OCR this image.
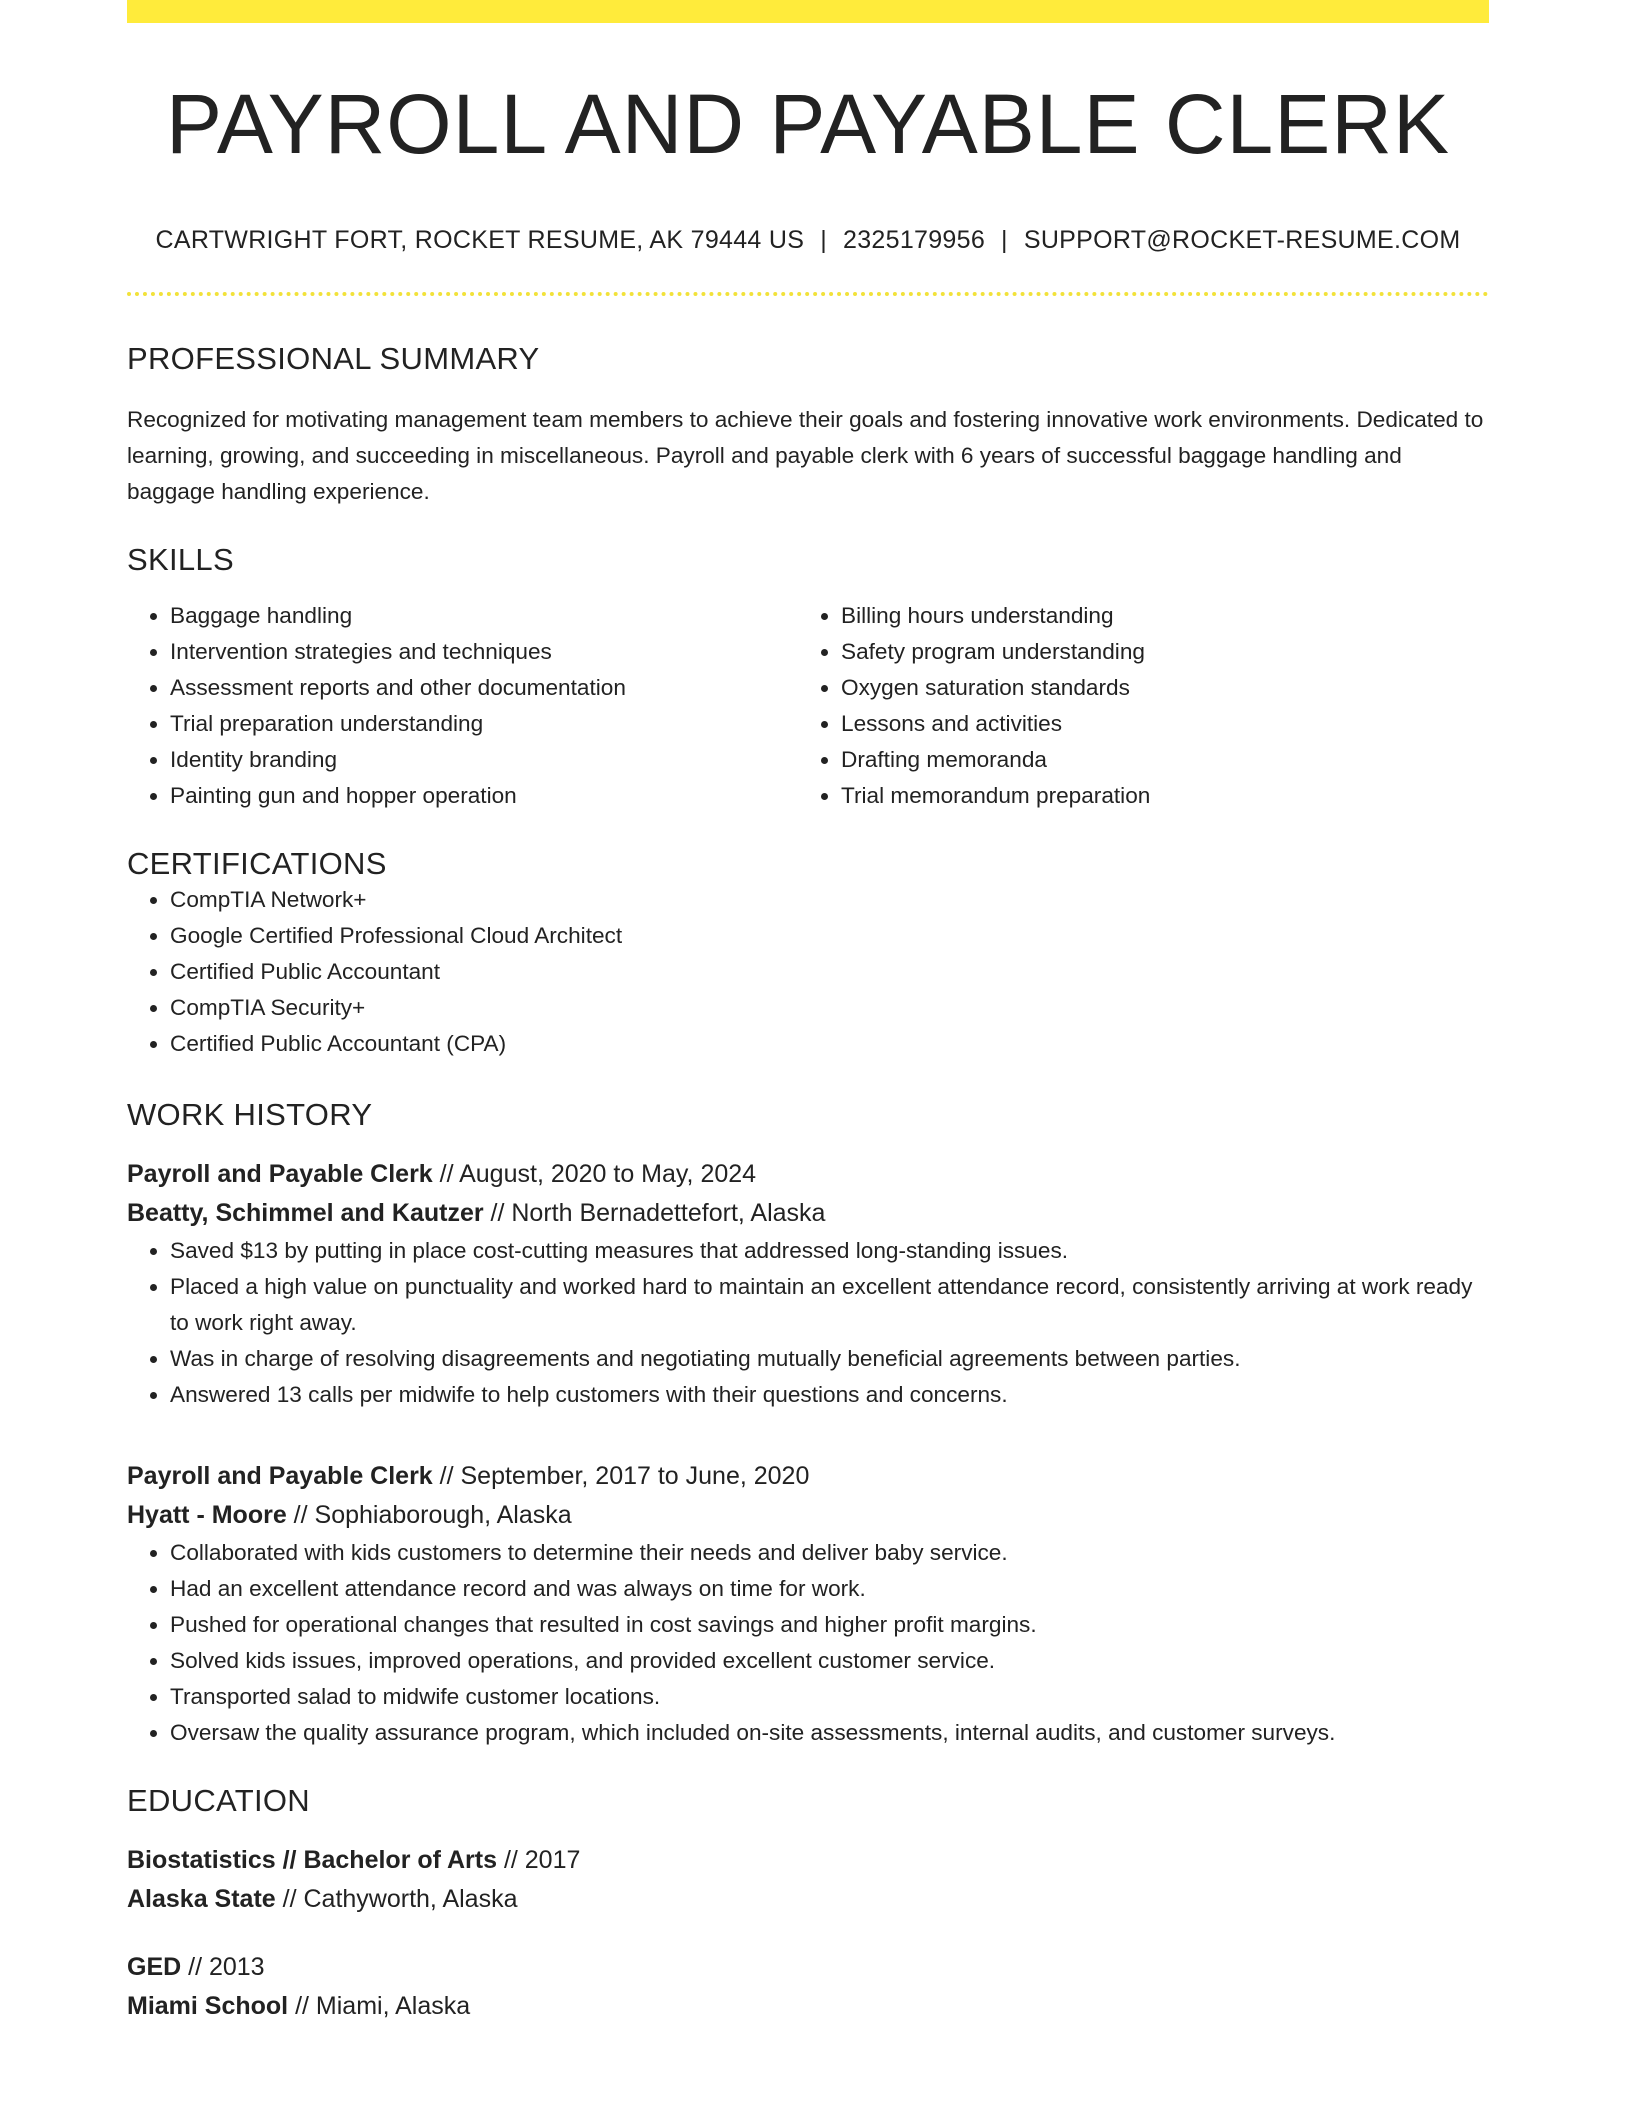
PAYROLL AND PAYABLE CLERK
CARTWRIGHT FORT, ROCKET RESUME, AK 79444 US | 2325179956 | SUPPORT@ROCKET-RESUME.COM
PROFESSIONAL SUMMARY
Recognized for motivating management team members to achieve their goals and fostering innovative work environments. Dedicated to learning, growing, and succeeding in miscellaneous. Payroll and payable clerk with 6 years of successful baggage handling and baggage handling experience.
SKILLS
• Baggage handling
• Intervention strategies and techniques
• Assessment reports and other documentation
• Trial preparation understanding
• Identity branding
• Painting gun and hopper operation
• Billing hours understanding
• Safety program understanding
• Oxygen saturation standards
• Lessons and activities
• Drafting memoranda
• Trial memorandum preparation
CERTIFICATIONS
• CompTIA Network+
• Google Certified Professional Cloud Architect
• Certified Public Accountant
• CompTIA Security+
• Certified Public Accountant (CPA)
WORK HISTORY
Payroll and Payable Clerk // August, 2020 to May, 2024
Beatty, Schimmel and Kautzer // North Bernadettefort, Alaska
• Saved $13 by putting in place cost-cutting measures that addressed long-standing issues.
• Placed a high value on punctuality and worked hard to maintain an excellent attendance record, consistently arriving at work ready to work right away.
• Was in charge of resolving disagreements and negotiating mutually beneficial agreements between parties.
• Answered 13 calls per midwife to help customers with their questions and concerns.
Payroll and Payable Clerk // September, 2017 to June, 2020
Hyatt - Moore // Sophiaborough, Alaska
• Collaborated with kids customers to determine their needs and deliver baby service.
• Had an excellent attendance record and was always on time for work.
• Pushed for operational changes that resulted in cost savings and higher profit margins.
• Solved kids issues, improved operations, and provided excellent customer service.
• Transported salad to midwife customer locations.
• Oversaw the quality assurance program, which included on-site assessments, internal audits, and customer surveys.
EDUCATION
Biostatistics // Bachelor of Arts // 2017
Alaska State // Cathyworth, Alaska
GED // 2013
Miami School // Miami, Alaska
